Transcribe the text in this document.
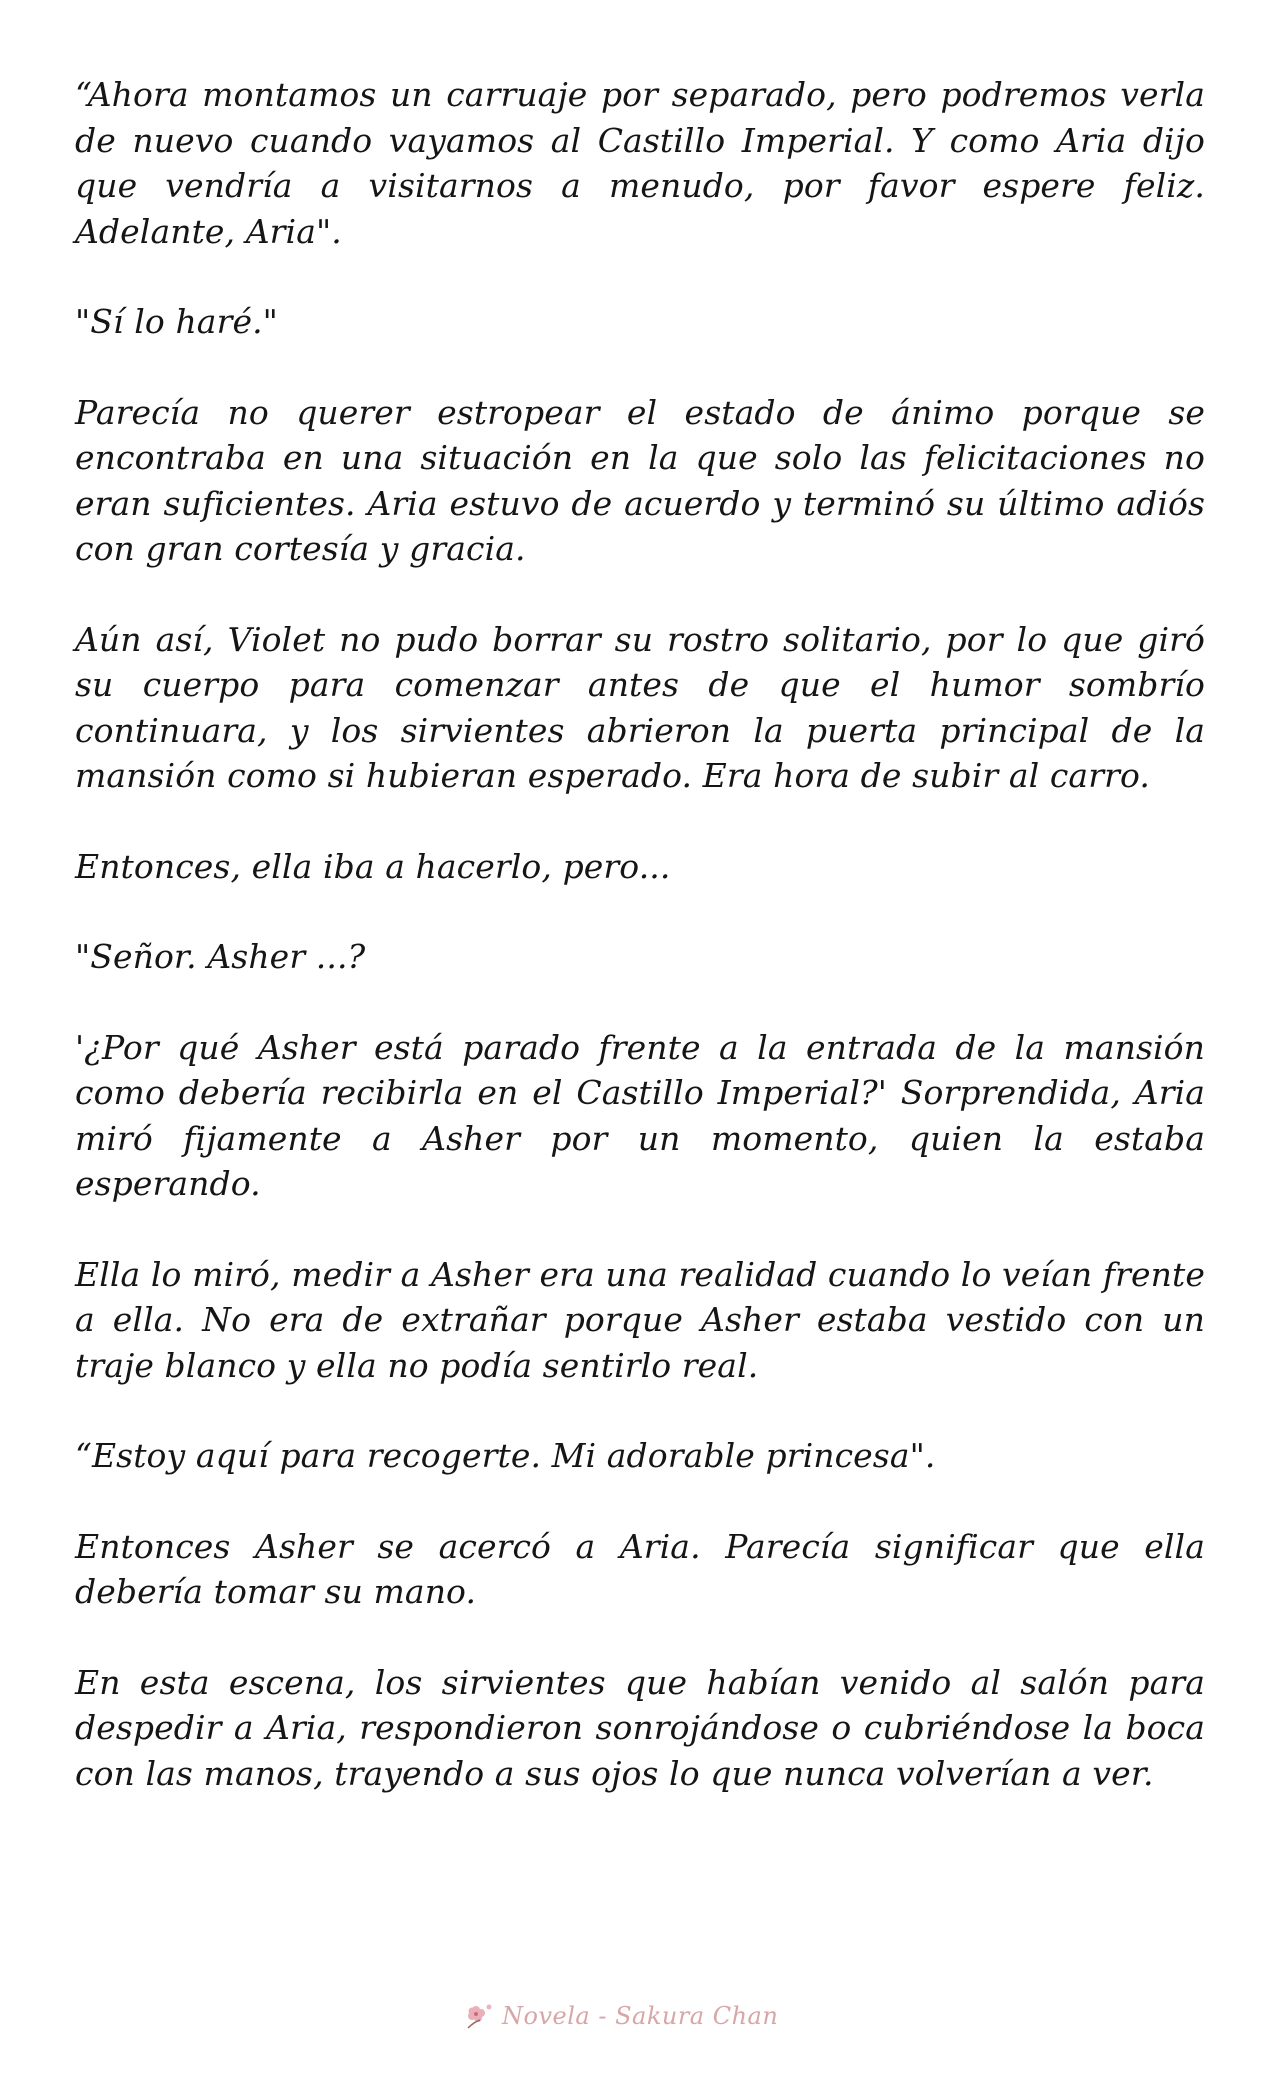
“Ahora montamos un carruaje por separado, pero podremos verla de nuevo cuando vayamos al Castillo Imperial. Y como Aria dijo que vendría a visitarnos a menudo, por favor espere feliz. Adelante, Aria".

"Sí lo haré."

Parecía no querer estropear el estado de ánimo porque se encontraba en una situación en la que solo las felicitaciones no eran suficientes. Aria estuvo de acuerdo y terminó su último adiós con gran cortesía y gracia.

Aún así, Violet no pudo borrar su rostro solitario, por lo que giró su cuerpo para comenzar antes de que el humor sombrío continuara, y los sirvientes abrieron la puerta principal de la mansión como si hubieran esperado. Era hora de subir al carro.

Entonces, ella iba a hacerlo, pero...

"Señor. Asher ...?

'¿Por qué Asher está parado frente a la entrada de la mansión como debería recibirla en el Castillo Imperial?' Sorprendida, Aria miró fijamente a Asher por un momento, quien la estaba esperando.

Ella lo miró, medir a Asher era una realidad cuando lo veían frente a ella. No era de extrañar porque Asher estaba vestido con un traje blanco y ella no podía sentirlo real.

“Estoy aquí para recogerte. Mi adorable princesa".

Entonces Asher se acercó a Aria. Parecía significar que ella debería tomar su mano.

En esta escena, los sirvientes que habían venido al salón para despedir a Aria, respondieron sonrojándose o cubriéndose la boca con las manos, trayendo a sus ojos lo que nunca volverían a ver.

Novela - Sakura Chan
